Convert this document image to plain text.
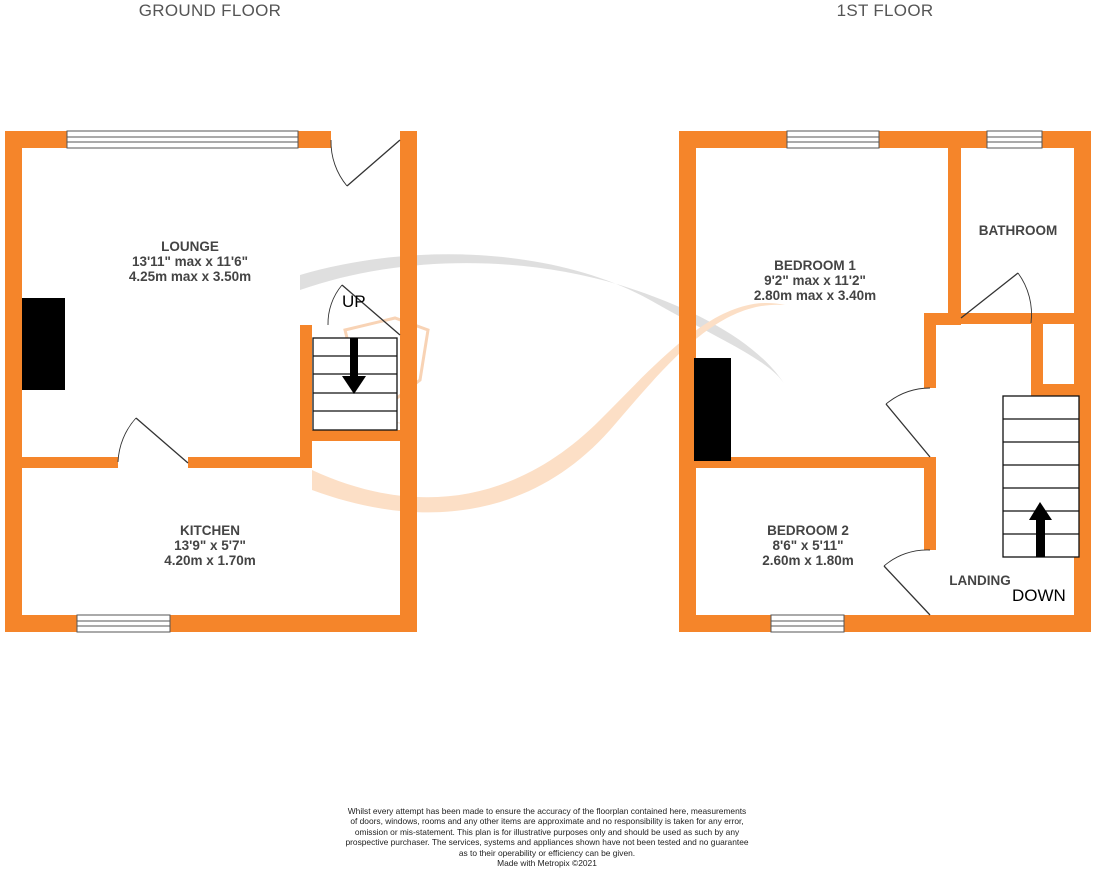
GROUND FLOOR	1ST FLOOR
LOUNGE
13'11" max x 11'6"
4.25m max x 3.50m
KITCHEN
13'9" x 5'7"
4.20m x 1.70m
UP
BEDROOM 1
9'2" max x 11'2"
2.80m max x 3.40m
BATHROOM
BEDROOM 2
8'6" x 5'11"
2.60m x 1.80m
LANDING
DOWN
Whilst every attempt has been made to ensure the accuracy of the floorplan contained here, measurements
of doors, windows, rooms and any other items are approximate and no responsibility is taken for any error,
omission or mis-statement. This plan is for illustrative purposes only and should be used as such by any
prospective purchaser. The services, systems and appliances shown have not been tested and no guarantee
as to their operability or efficiency can be given.
Made with Metropix ©2021
